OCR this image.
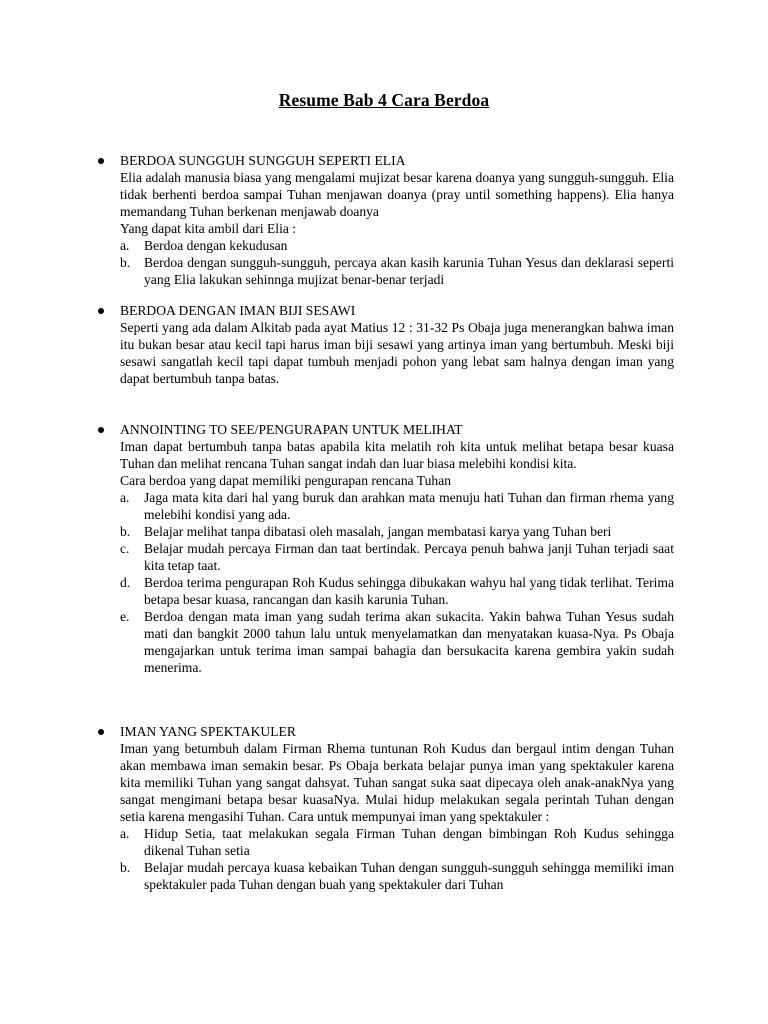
Resume Bab 4 Cara Berdoa
BERDOA SUNGGUH SUNGGUH SEPERTI ELIA

Elia adalah manusia biasa yang mengalami mujizat besar karena doanya yang sungguh-sungguh. Elia tidak berhenti berdoa sampai Tuhan menjawan doanya (pray until something happens). Elia hanya memandang Tuhan berkenan menjawab doanya

Yang dapat kita ambil dari Elia :

a. Berdoa dengan kekudusan
b. Berdoa dengan sungguh-sungguh, percaya akan kasih karunia Tuhan Yesus dan deklarasi seperti yang Elia lakukan sehinnga mujizat benar-benar terjadi
BERDOA DENGAN IMAN BIJI SESAWI

Seperti yang ada dalam Alkitab pada ayat Matius 12 : 31-32 Ps Obaja juga menerangkan bahwa iman itu bukan besar atau kecil tapi harus iman biji sesawi yang artinya iman yang bertumbuh. Meski biji sesawi sangatlah kecil tapi dapat tumbuh menjadi pohon yang lebat sam halnya dengan iman yang dapat bertumbuh tanpa batas.

ANNOINTING TO SEE/PENGURAPAN UNTUK MELIHAT

Iman dapat bertumbuh tanpa batas apabila kita melatih roh kita untuk melihat betapa besar kuasa Tuhan dan melihat rencana Tuhan sangat indah dan luar biasa melebihi kondisi kita.

Cara berdoa yang dapat memiliki pengurapan rencana Tuhan

a. Jaga mata kita dari hal yang buruk dan arahkan mata menuju hati Tuhan dan firman rhema yang melebihi kondisi yang ada.
b. Belajar melihat tanpa dibatasi oleh masalah, jangan membatasi karya yang Tuhan beri
c. Belajar mudah percaya Firman dan taat bertindak. Percaya penuh bahwa janji Tuhan terjadi saat kita tetap taat.
d. Berdoa terima pengurapan Roh Kudus sehingga dibukakan wahyu hal yang tidak terlihat. Terima betapa besar kuasa, rancangan dan kasih karunia Tuhan.
e. Berdoa dengan mata iman yang sudah terima akan sukacita. Yakin bahwa Tuhan Yesus sudah mati dan bangkit 2000 tahun lalu untuk menyelamatkan dan menyatakan kuasa-Nya. Ps Obaja mengajarkan untuk terima iman sampai bahagia dan bersukacita karena gembira yakin sudah menerima.
IMAN YANG SPEKTAKULER

Iman yang betumbuh dalam Firman Rhema tuntunan Roh Kudus dan bergaul intim dengan Tuhan akan membawa iman semakin besar. Ps Obaja berkata belajar punya iman yang spektakuler karena kita memiliki Tuhan yang sangat dahsyat. Tuhan sangat suka saat dipecaya oleh anak-anakNya yang sangat mengimani betapa besar kuasaNya. Mulai hidup melakukan segala perintah Tuhan dengan setia karena mengasihi Tuhan. Cara untuk mempunyai iman yang spektakuler :

a. Hidup Setia, taat melakukan segala Firman Tuhan dengan bimbingan Roh Kudus sehingga dikenal Tuhan setia
b. Belajar mudah percaya kuasa kebaikan Tuhan dengan sungguh-sungguh sehingga memiliki iman spektakuler pada Tuhan dengan buah yang spektakuler dari Tuhan
